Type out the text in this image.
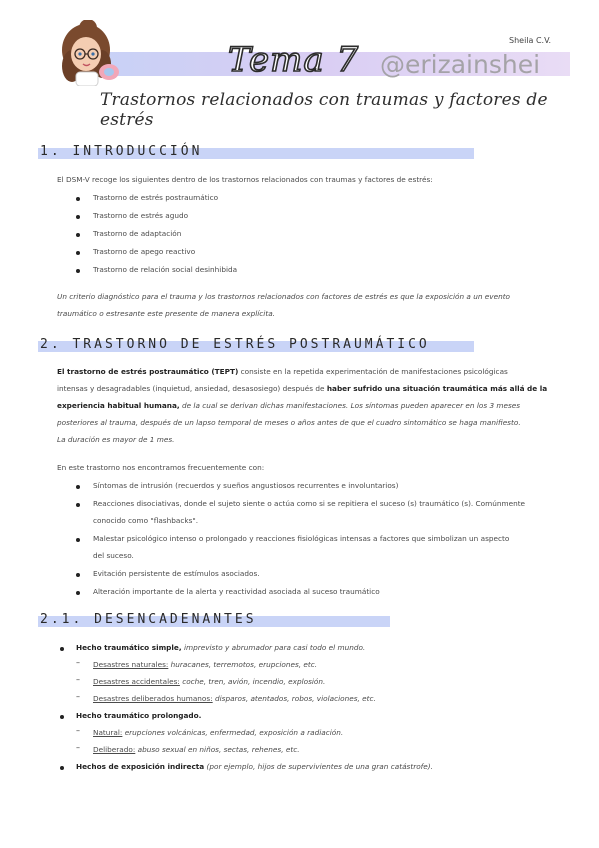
Sheila C.V.
Tema 7 @erizainshei
Trastornos relacionados con traumas y factores de estrés
1. INTRODUCCIÓN
El DSM-V recoge los siguientes dentro de los trastornos relacionados con traumas y factores de estrés:
Trastorno de estrés postraumático
Trastorno de estrés agudo
Trastorno de adaptación
Trastorno de apego reactivo
Trastorno de relación social desinhibida
Un criterio diagnóstico para el trauma y los trastornos relacionados con factores de estrés es que la exposición a un evento
traumático o estresante este presente de manera explícita.
2. TRASTORNO DE ESTRÉS POSTRAUMÁTICO
El trastorno de estrés postraumático (TEPT) consiste en la repetida experimentación de manifestaciones psicológicas
intensas y desagradables (inquietud, ansiedad, desasosiego) después de haber sufrido una situación traumática más allá de la
experiencia habitual humana, de la cual se derivan dichas manifestaciones. Los síntomas pueden aparecer en los 3 meses
posteriores al trauma, después de un lapso temporal de meses o años antes de que el cuadro sintomático se haga manifiesto.
La duración es mayor de 1 mes.
En este trastorno nos encontramos frecuentemente con:
Síntomas de intrusión (recuerdos y sueños angustiosos recurrentes e involuntarios)
Reacciones disociativas, donde el sujeto siente o actúa como si se repitiera el suceso (s) traumático (s). Comúnmente
conocido como "flashbacks".
Malestar psicológico intenso o prolongado y reacciones fisiológicas intensas a factores que simbolizan un aspecto
del suceso.
Evitación persistente de estímulos asociados.
Alteración importante de la alerta y reactividad asociada al suceso traumático
2.1. DESENCADENANTES
Hecho traumático simple, imprevisto y abrumador para casi todo el mundo.
– Desastres naturales: huracanes, terremotos, erupciones, etc.
– Desastres accidentales: coche, tren, avión, incendio, explosión.
– Desastres deliberados humanos: disparos, atentados, robos, violaciones, etc.
Hecho traumático prolongado.
– Natural: erupciones volcánicas, enfermedad, exposición a radiación.
– Deliberado: abuso sexual en niños, sectas, rehenes, etc.
Hechos de exposición indirecta (por ejemplo, hijos de supervivientes de una gran catástrofe).
